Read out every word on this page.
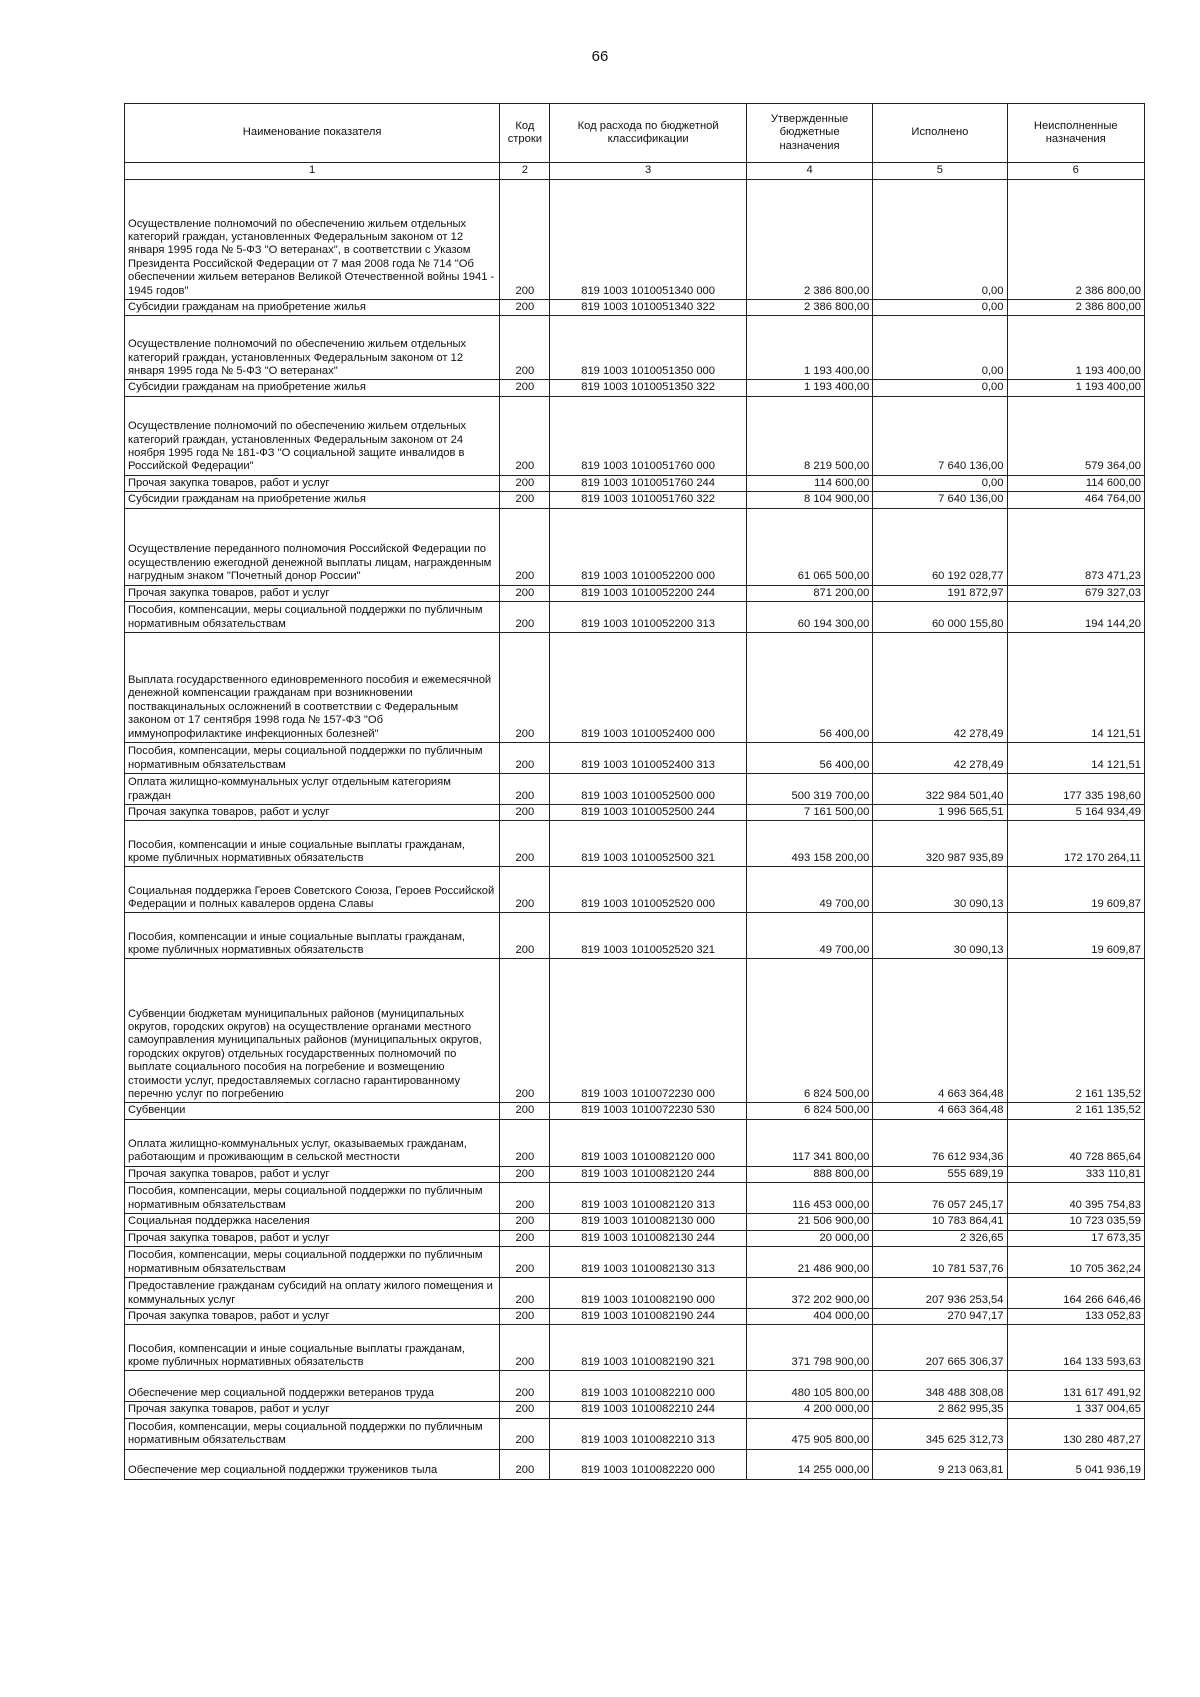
66
Наименование показателя	Код строки	Код расхода по бюджетной классификации	Утвержденные бюджетные назначения	Исполнено	Неисполненные назначения
1	2	3	4	5	6
Осуществление полномочий по обеспечению жильем отдельных категорий граждан, установленных Федеральным законом от 12 января 1995 года № 5-ФЗ "О ветеранах", в соответствии с Указом Президента Российской Федерации от 7 мая 2008 года № 714 "Об обеспечении жильем ветеранов Великой Отечественной войны 1941 - 1945 годов"	200	819 1003 1010051340 000	2 386 800,00	0,00	2 386 800,00
Субсидии гражданам на приобретение жилья	200	819 1003 1010051340 322	2 386 800,00	0,00	2 386 800,00
Осуществление полномочий по обеспечению жильем отдельных категорий граждан, установленных Федеральным законом от 12 января 1995 года № 5-ФЗ "О ветеранах"	200	819 1003 1010051350 000	1 193 400,00	0,00	1 193 400,00
Субсидии гражданам на приобретение жилья	200	819 1003 1010051350 322	1 193 400,00	0,00	1 193 400,00
Осуществление полномочий по обеспечению жильем отдельных категорий граждан, установленных Федеральным законом от 24 ноября 1995 года № 181-ФЗ "О социальной защите инвалидов в Российской Федерации"	200	819 1003 1010051760 000	8 219 500,00	7 640 136,00	579 364,00
Прочая закупка товаров, работ и услуг	200	819 1003 1010051760 244	114 600,00	0,00	114 600,00
Субсидии гражданам на приобретение жилья	200	819 1003 1010051760 322	8 104 900,00	7 640 136,00	464 764,00
Осуществление переданного полномочия Российской Федерации по осуществлению ежегодной денежной выплаты лицам, награжденным нагрудным знаком "Почетный донор России"	200	819 1003 1010052200 000	61 065 500,00	60 192 028,77	873 471,23
Прочая закупка товаров, работ и услуг	200	819 1003 1010052200 244	871 200,00	191 872,97	679 327,03
Пособия, компенсации, меры социальной поддержки по публичным нормативным обязательствам	200	819 1003 1010052200 313	60 194 300,00	60 000 155,80	194 144,20
Выплата государственного единовременного пособия и ежемесячной денежной компенсации гражданам при возникновении поствакцинальных осложнений в соответствии с Федеральным законом от 17 сентября 1998 года № 157-ФЗ "Об иммунопрофилактике инфекционных болезней"	200	819 1003 1010052400 000	56 400,00	42 278,49	14 121,51
Пособия, компенсации, меры социальной поддержки по публичным нормативным обязательствам	200	819 1003 1010052400 313	56 400,00	42 278,49	14 121,51
Оплата жилищно-коммунальных услуг отдельным категориям граждан	200	819 1003 1010052500 000	500 319 700,00	322 984 501,40	177 335 198,60
Прочая закупка товаров, работ и услуг	200	819 1003 1010052500 244	7 161 500,00	1 996 565,51	5 164 934,49
Пособия, компенсации и иные социальные выплаты гражданам, кроме публичных нормативных обязательств	200	819 1003 1010052500 321	493 158 200,00	320 987 935,89	172 170 264,11
Социальная поддержка Героев Советского Союза, Героев Российской Федерации и полных кавалеров ордена Славы	200	819 1003 1010052520 000	49 700,00	30 090,13	19 609,87
Пособия, компенсации и иные социальные выплаты гражданам, кроме публичных нормативных обязательств	200	819 1003 1010052520 321	49 700,00	30 090,13	19 609,87
Субвенции бюджетам муниципальных районов (муниципальных округов, городских округов) на осуществление органами местного самоуправления муниципальных районов (муниципальных округов, городских округов) отдельных государственных полномочий по выплате социального пособия на погребение и возмещению стоимости услуг, предоставляемых согласно гарантированному перечню услуг по погребению	200	819 1003 1010072230 000	6 824 500,00	4 663 364,48	2 161 135,52
Субвенции	200	819 1003 1010072230 530	6 824 500,00	4 663 364,48	2 161 135,52
Оплата жилищно-коммунальных услуг, оказываемых гражданам, работающим и проживающим в сельской местности	200	819 1003 1010082120 000	117 341 800,00	76 612 934,36	40 728 865,64
Прочая закупка товаров, работ и услуг	200	819 1003 1010082120 244	888 800,00	555 689,19	333 110,81
Пособия, компенсации, меры социальной поддержки по публичным нормативным обязательствам	200	819 1003 1010082120 313	116 453 000,00	76 057 245,17	40 395 754,83
Социальная поддержка населения	200	819 1003 1010082130 000	21 506 900,00	10 783 864,41	10 723 035,59
Прочая закупка товаров, работ и услуг	200	819 1003 1010082130 244	20 000,00	2 326,65	17 673,35
Пособия, компенсации, меры социальной поддержки по публичным нормативным обязательствам	200	819 1003 1010082130 313	21 486 900,00	10 781 537,76	10 705 362,24
Предоставление гражданам субсидий на оплату жилого помещения и коммунальных услуг	200	819 1003 1010082190 000	372 202 900,00	207 936 253,54	164 266 646,46
Прочая закупка товаров, работ и услуг	200	819 1003 1010082190 244	404 000,00	270 947,17	133 052,83
Пособия, компенсации и иные социальные выплаты гражданам, кроме публичных нормативных обязательств	200	819 1003 1010082190 321	371 798 900,00	207 665 306,37	164 133 593,63
Обеспечение мер социальной поддержки ветеранов труда	200	819 1003 1010082210 000	480 105 800,00	348 488 308,08	131 617 491,92
Прочая закупка товаров, работ и услуг	200	819 1003 1010082210 244	4 200 000,00	2 862 995,35	1 337 004,65
Пособия, компенсации, меры социальной поддержки по публичным нормативным обязательствам	200	819 1003 1010082210 313	475 905 800,00	345 625 312,73	130 280 487,27
Обеспечение мер социальной поддержки тружеников тыла	200	819 1003 1010082220 000	14 255 000,00	9 213 063,81	5 041 936,19
